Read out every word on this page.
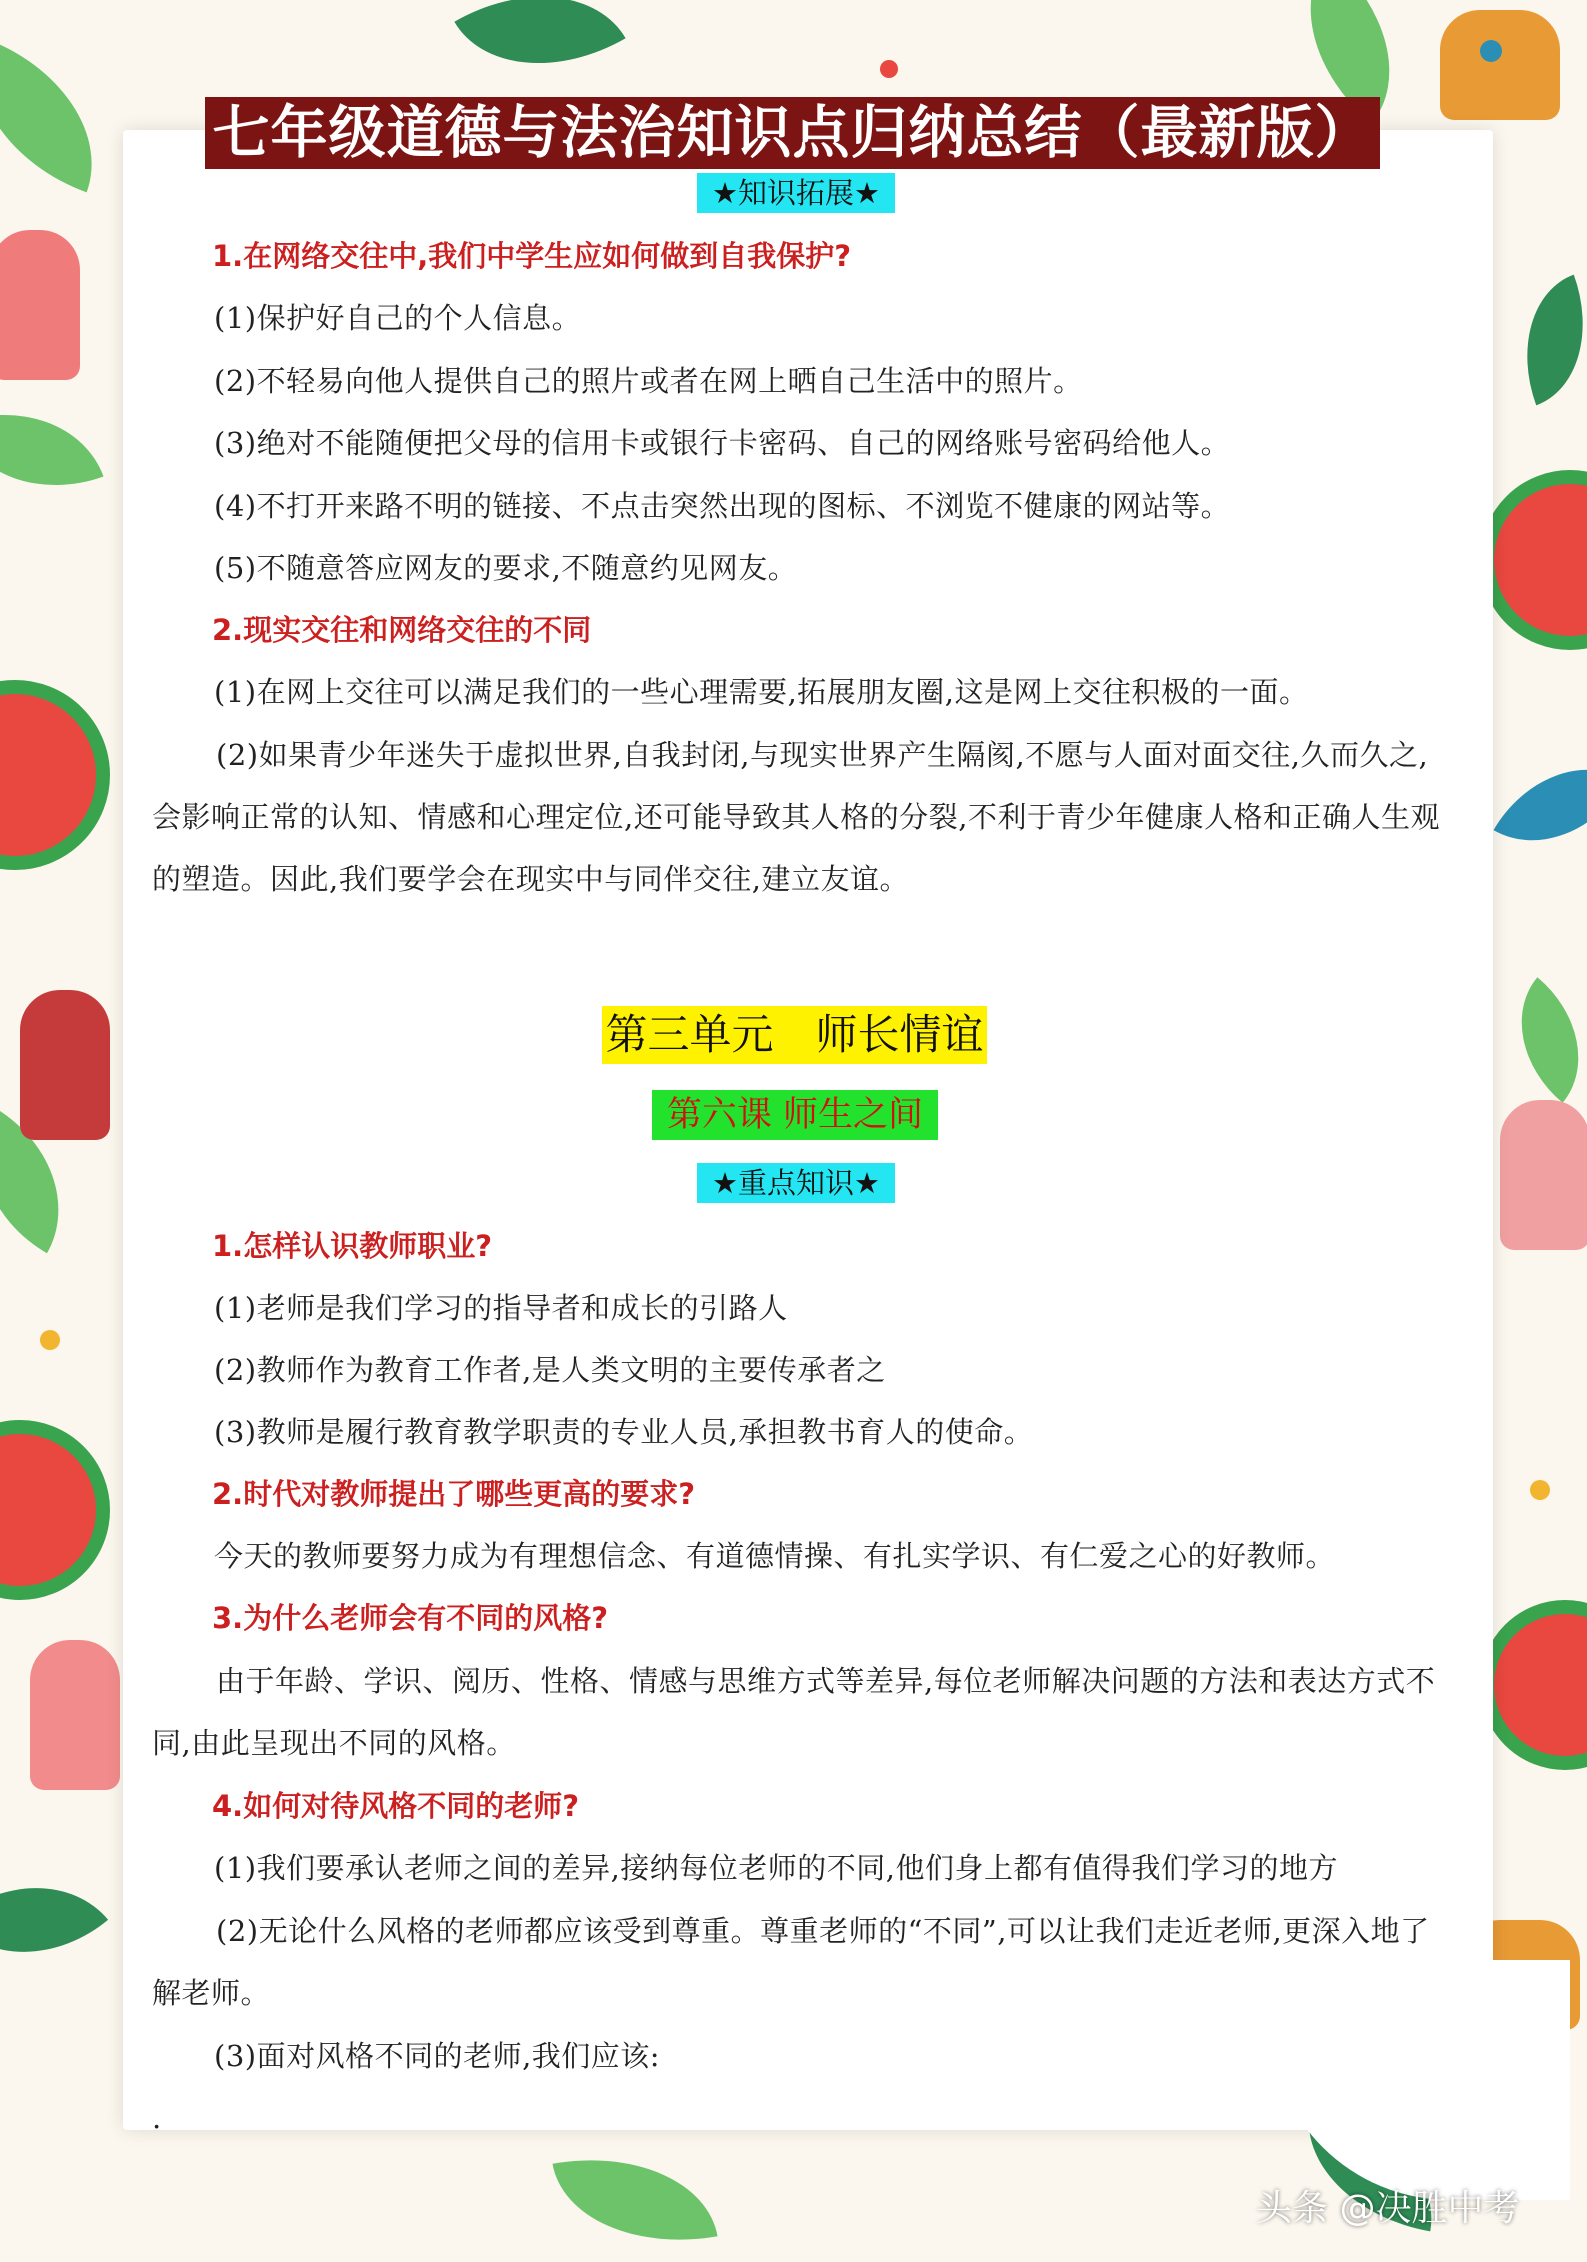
七年级道德与法治知识点归纳总结（最新版）
★知识拓展★
1.在网络交往中,我们中学生应如何做到自我保护?
(1)保护好自己的个人信息。
(2)不轻易向他人提供自己的照片或者在网上晒自己生活中的照片。
(3)绝对不能随便把父母的信用卡或银行卡密码、自己的网络账号密码给他人。
(4)不打开来路不明的链接、不点击突然出现的图标、不浏览不健康的网站等。
(5)不随意答应网友的要求,不随意约见网友。
2.现实交往和网络交往的不同
(1)在网上交往可以满足我们的一些心理需要,拓展朋友圈,这是网上交往积极的一面。
(2)如果青少年迷失于虚拟世界,自我封闭,与现实世界产生隔阂,不愿与人面对面交往,久而久之,会影响正常的认知、情感和心理定位,还可能导致其人格的分裂,不利于青少年健康人格和正确人生观的塑造。因此,我们要学会在现实中与同伴交往,建立友谊。
第三单元　师长情谊
第六课 师生之间
★重点知识★
1.怎样认识教师职业?
(1)老师是我们学习的指导者和成长的引路人
(2)教师作为教育工作者,是人类文明的主要传承者之
(3)教师是履行教育教学职责的专业人员,承担教书育人的使命。
2.时代对教师提出了哪些更高的要求?
今天的教师要努力成为有理想信念、有道德情操、有扎实学识、有仁爱之心的好教师。
3.为什么老师会有不同的风格?
由于年龄、学识、阅历、性格、情感与思维方式等差异,每位老师解决问题的方法和表达方式不同,由此呈现出不同的风格。
4.如何对待风格不同的老师?
(1)我们要承认老师之间的差异,接纳每位老师的不同,他们身上都有值得我们学习的地方
(2)无论什么风格的老师都应该受到尊重。尊重老师的“不同”,可以让我们走近老师,更深入地了解老师。
(3)面对风格不同的老师,我们应该:
.
头条 @决胜中考
